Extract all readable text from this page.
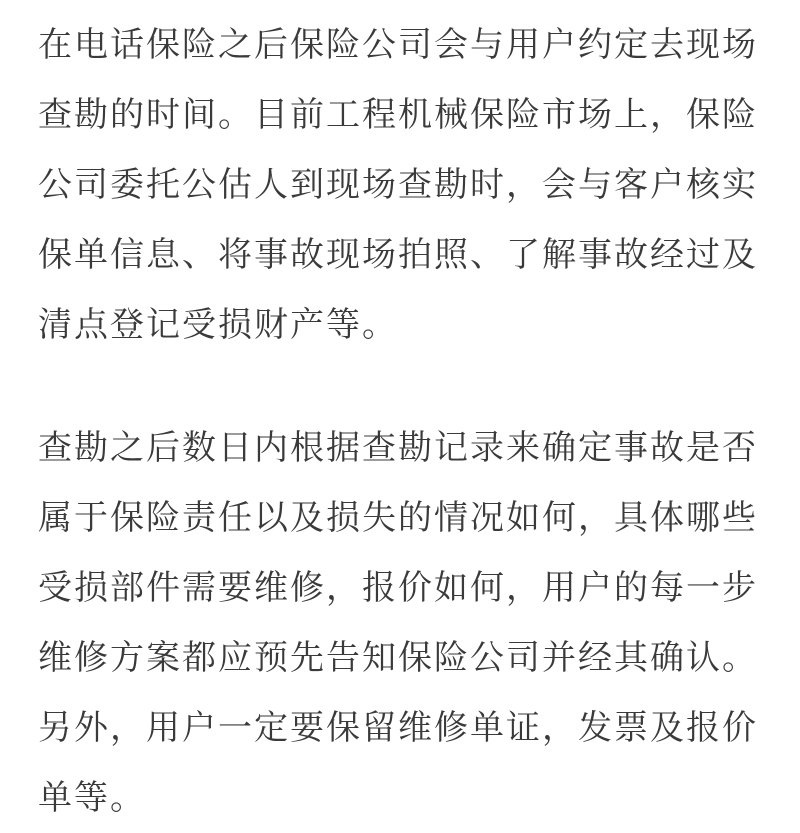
在电话保险之后保险公司会与用户约定去现场
查勘的时间。目前工程机械保险市场上，保险
公司委托公估人到现场查勘时，会与客户核实
保单信息、将事故现场拍照、了解事故经过及
清点登记受损财产等。
查勘之后数日内根据查勘记录来确定事故是否
属于保险责任以及损失的情况如何，具体哪些
受损部件需要维修，报价如何，用户的每一步
维修方案都应预先告知保险公司并经其确认。
另外，用户一定要保留维修单证，发票及报价
单等。
